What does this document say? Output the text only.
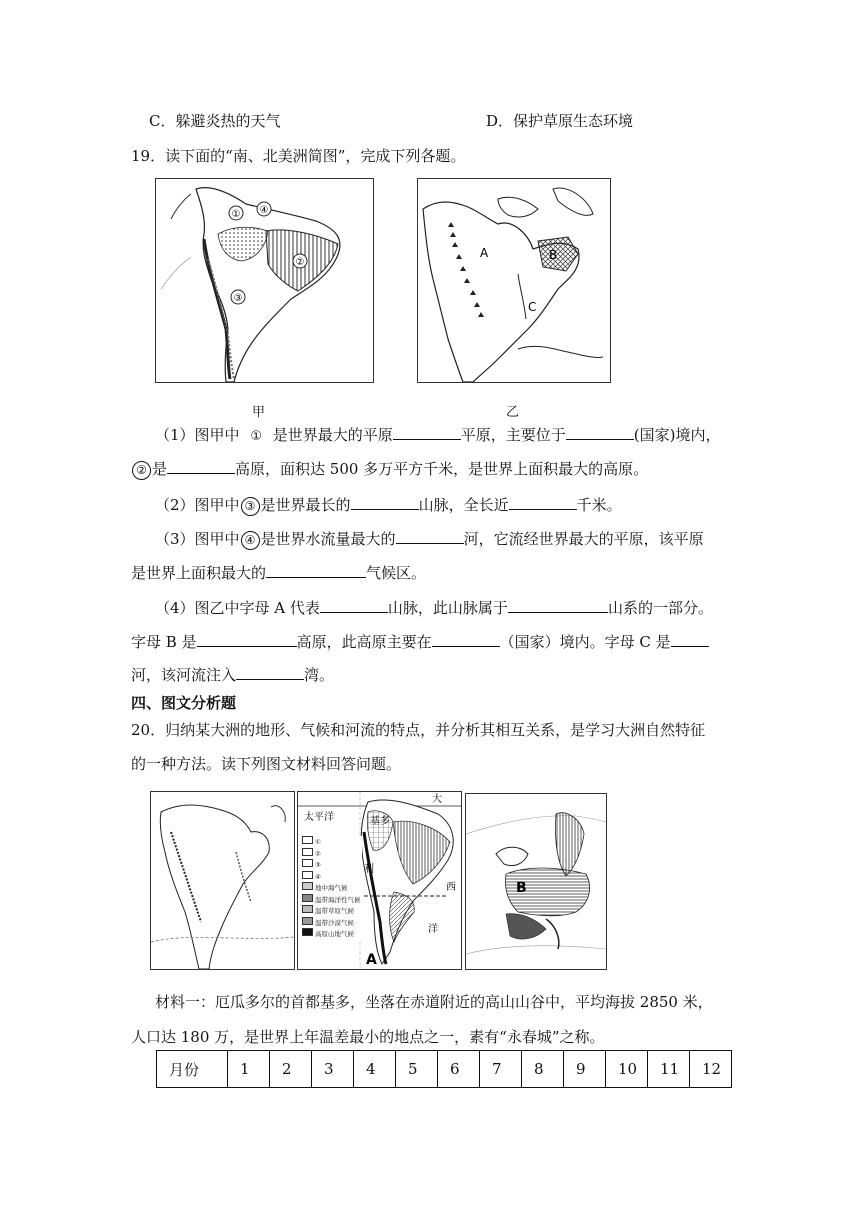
C．躲避炎热的天气	D．保护草原生态环境
19．读下面的“南、北美洲简图”，完成下列各题。
① ④
②
③
甲
A	B
C
乙
（1）图甲中 ① 是世界最大的平原	平原，主要位于	(国家)境内，
② 是	高原，面积达 500 多万平方千米，是世界上面积最大的高原。
（2）图甲中 ③ 是世界最长的	山脉，全长近	千米。
（3）图甲中 ④ 是世界水流量最大的	河，它流经世界最大的平原，该平原
是世界上面积最大的	气候区。
（4）图乙中字母 A 代表	山脉，此山脉属于	山系的一部分。
字母 B 是	高原，此高原主要在	（国家）境内。字母 C 是
河，该河流注入	湾。
四、图文分析题
20．归纳某大洲的地形、气候和河流的特点，并分析其相互关系，是学习大洲自然特征
的一种方法。读下列图文材料回答问题。
太平洋	基多
大
利
西
洋
A
①
②
③
④
地中海气候
温带海洋性气候
温带草原气候
温带沙漠气候
高原山地气候
B
材料一：厄瓜多尔的首都基多，坐落在赤道附近的高山山谷中，平均海拔 2850 米，
人口达 180 万，是世界上年温差最小的地点之一，素有“永春城”之称。
月份	1	2	3	4	5	6	7	8	9	10	11	12
